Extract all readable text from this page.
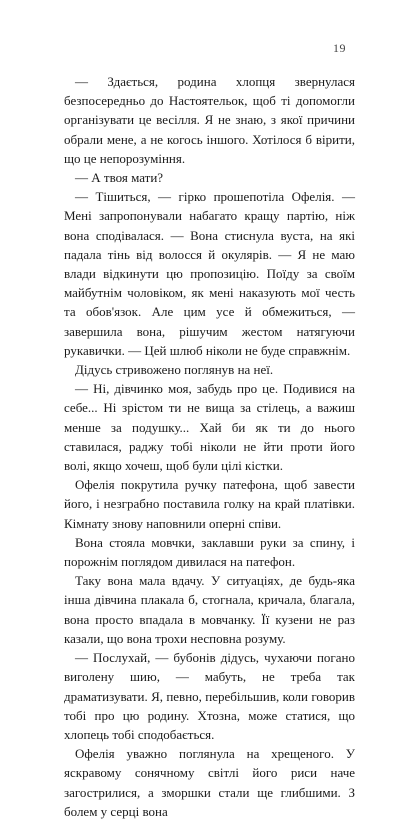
19

— Здається, родина хлопця звернулася безпосередньо до Настоятельок, щоб ті допомогли організувати це весілля. Я не знаю, з якої причини обрали мене, а не когось іншого. Хотілося б вірити, що це непорозуміння.

— А твоя мати?

— Тішиться, — гірко прошепотіла Офелія. — Мені запропонували набагато кращу партію, ніж вона сподівалася. — Вона стиснула вуста, на які падала тінь від волосся й окулярів. — Я не маю влади відкинути цю пропозицію. Поїду за своїм майбутнім чоловіком, як мені наказують мої честь та обов'язок. Але цим усе й обмежиться, — завершила вона, рішучим жестом натягуючи рукавички. — Цей шлюб ніколи не буде справжнім.

Дідусь стривожено поглянув на неї.

— Ні, дівчинко моя, забудь про це. Подивися на себе... Ні зрістом ти не вища за стілець, а важиш менше за подушку... Хай би як ти до нього ставилася, раджу тобі ніколи не йти проти його волі, якщо хочеш, щоб були цілі кістки.

Офелія покрутила ручку патефона, щоб завести його, і незграбно поставила голку на край платівки. Кімнату знову наповнили оперні співи.

Вона стояла мовчки, заклавши руки за спину, і порожнім поглядом дивилася на патефон.

Таку вона мала вдачу. У ситуаціях, де будь-яка інша дівчина плакала б, стогнала, кричала, благала, вона просто впадала в мовчанку. Її кузени не раз казали, що вона трохи несповна розуму.

— Послухай, — бубонів дідусь, чухаючи погано виголену шию, — мабуть, не треба так драматизувати. Я, певно, перебільшив, коли говорив тобі про цю родину. Хтозна, може статися, що хлопець тобі сподобається.

Офелія уважно поглянула на хрещеного. У яскравому сонячному світлі його риси наче загострилися, а зморшки стали ще глибшими. З болем у серці вона
